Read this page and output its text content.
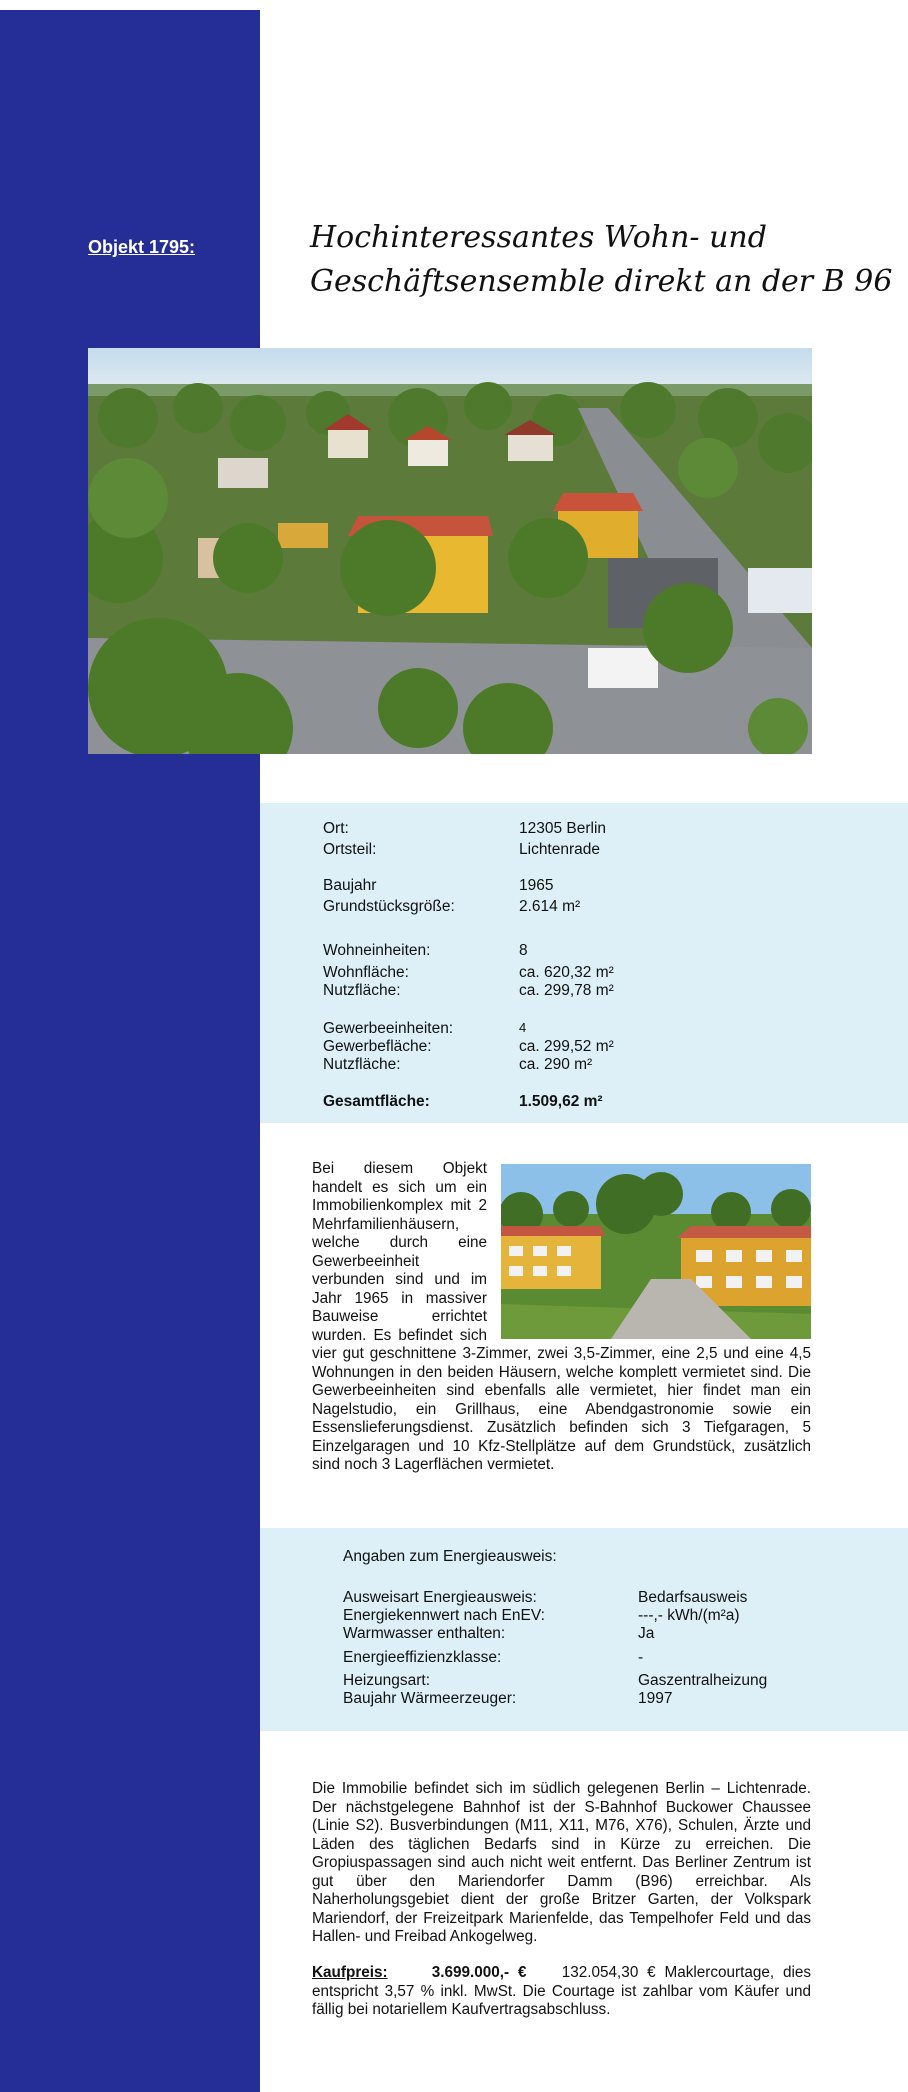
Objekt 1795:	Hochinteressantes Wohn- und
Geschäftsensemble direkt an der B 96
Ort:	12305 Berlin
Ortsteil:	Lichtenrade
Baujahr	1965
Grundstücksgröße:	2.614 m²
Wohneinheiten:	8
Wohnfläche:	ca. 620,32 m²
Nutzfläche:	ca. 299,78 m²
Gewerbeeinheiten:	4
Gewerbefläche:	ca. 299,52 m²
Nutzfläche:	ca. 290 m²
Gesamtfläche:	1.509,62 m²
Bei diesem Objekt handelt es sich um ein Immobilienkomplex mit 2 Mehrfamilienhäusern, welche durch eine Gewerbeeinheit verbunden sind und im Jahr 1965 in massiver Bauweise errichtet wurden. Es befindet sich vier gut geschnittene 3-Zimmer, zwei 3,5-Zimmer, eine 2,5 und eine 4,5 Wohnungen in den beiden Häusern, welche komplett vermietet sind. Die Gewerbeeinheiten sind ebenfalls alle vermietet, hier findet man ein Nagelstudio, ein Grillhaus, eine Abendgastronomie sowie ein Essenslieferungsdienst. Zusätzlich befinden sich 3 Tiefgaragen, 5 Einzelgaragen und 10 Kfz-Stellplätze auf dem Grundstück, zusätzlich sind noch 3 Lagerflächen vermietet.
Angaben zum Energieausweis:
Ausweisart Energieausweis:	Bedarfsausweis
Energiekennwert nach EnEV:	---,- kWh/(m²a)
Warmwasser enthalten:	Ja
Energieeffizienzklasse:	-
Heizungsart:	Gaszentralheizung
Baujahr Wärmeerzeuger:	1997

Die Immobilie befindet sich im südlich gelegenen Berlin – Lichtenrade. Der nächstgelegene Bahnhof ist der S-Bahnhof Buckower Chaussee (Linie S2). Busverbindungen (M11, X11, M76, X76), Schulen, Ärzte und Läden des täglichen Bedarfs sind in Kürze zu erreichen. Die Gropiuspassagen sind auch nicht weit entfernt. Das Berliner Zentrum ist gut über den Mariendorfer Damm (B96) erreichbar. Als Naherholungsgebiet dient der große Britzer Garten, der Volkspark Mariendorf, der Freizeitpark Marienfelde, das Tempelhofer Feld und das Hallen- und Freibad Ankogelweg.

Kaufpreis:	3.699.000,- € 132.054,30 € Maklercourtage, dies entspricht 3,57 % inkl. MwSt. Die Courtage ist zahlbar vom Käufer und fällig bei notariellem Kaufvertragsabschluss.
